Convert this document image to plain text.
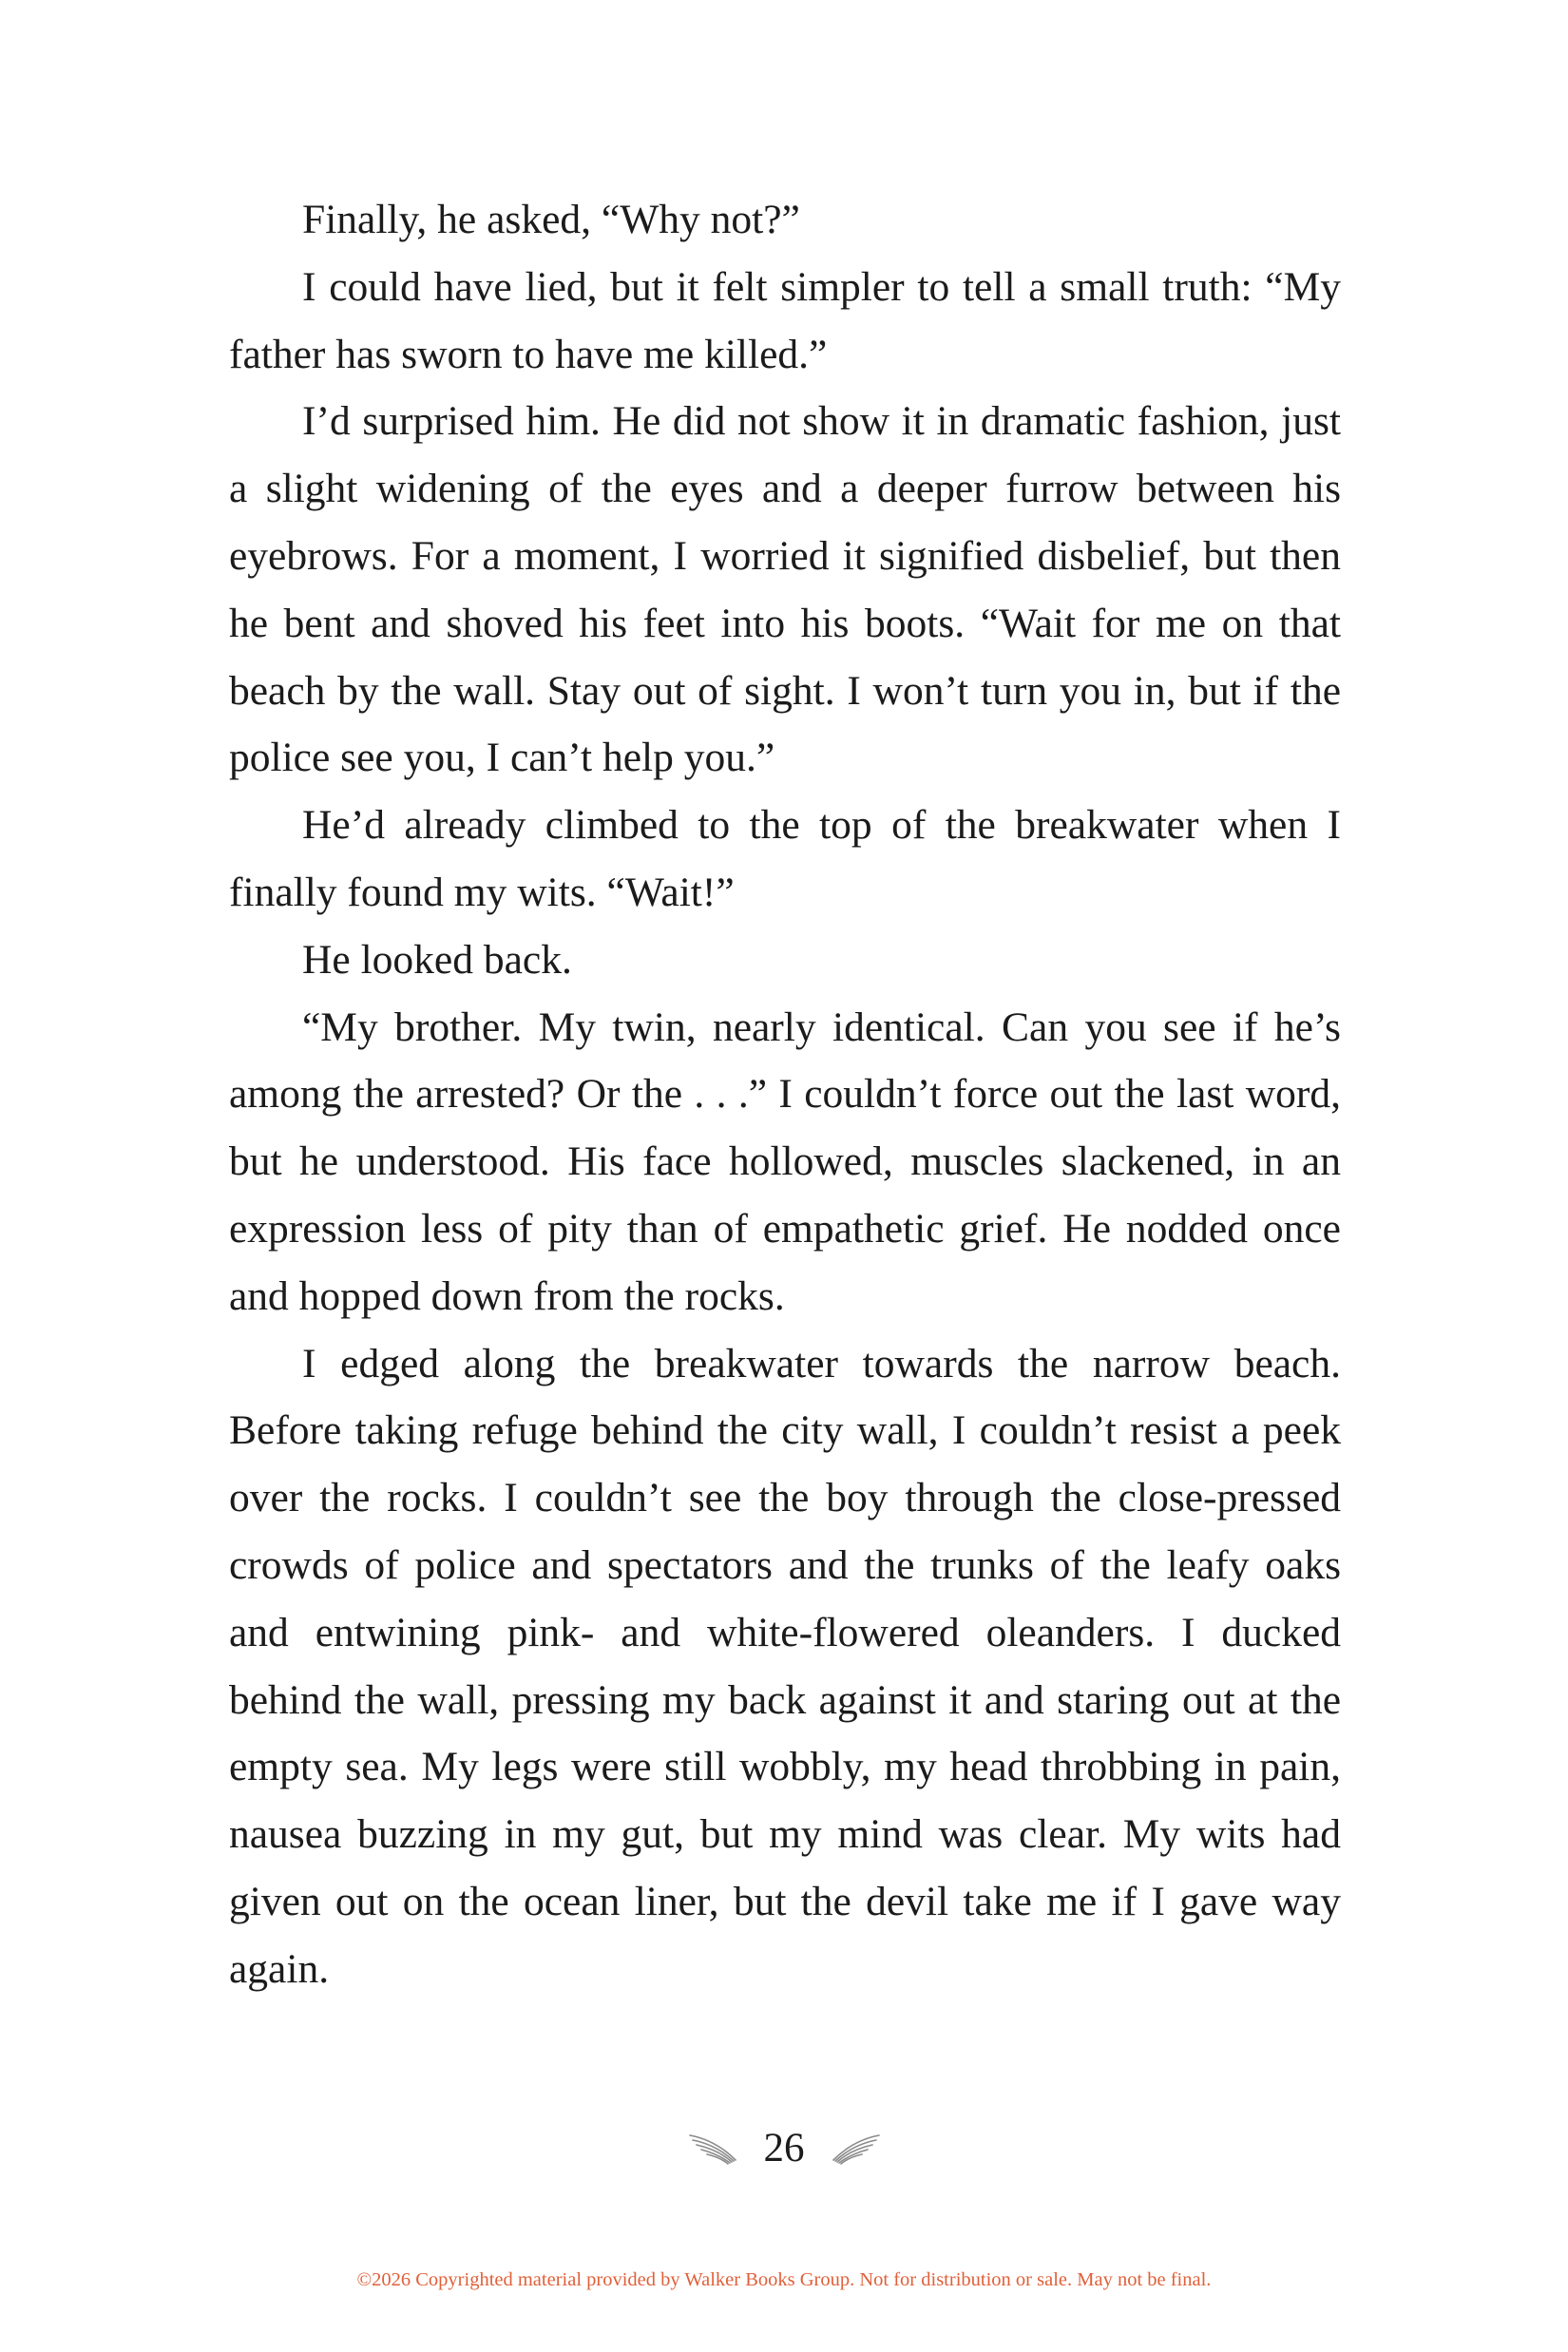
Finally, he asked, “Why not?”

I could have lied, but it felt simpler to tell a small truth: “My father has sworn to have me killed.”

I’d surprised him. He did not show it in dramatic fashion, just a slight widening of the eyes and a deeper furrow between his eyebrows. For a moment, I worried it signified disbelief, but then he bent and shoved his feet into his boots. “Wait for me on that beach by the wall. Stay out of sight. I won’t turn you in, but if the police see you, I can’t help you.”

He’d already climbed to the top of the breakwater when I finally found my wits. “Wait!”

He looked back.

“My brother. My twin, nearly identical. Can you see if he’s among the arrested? Or the . . .” I couldn’t force out the last word, but he understood. His face hollowed, muscles slackened, in an expression less of pity than of empathetic grief. He nodded once and hopped down from the rocks.

I edged along the breakwater towards the narrow beach. Before taking refuge behind the city wall, I couldn’t resist a peek over the rocks. I couldn’t see the boy through the close-pressed crowds of police and spectators and the trunks of the leafy oaks and entwining pink- and white-flowered oleanders. I ducked behind the wall, pressing my back against it and staring out at the empty sea. My legs were still wobbly, my head throbbing in pain, nausea buzzing in my gut, but my mind was clear. My wits had given out on the ocean liner, but the devil take me if I gave way again.

26
©2026 Copyrighted material provided by Walker Books Group. Not for distribution or sale. May not be final.
